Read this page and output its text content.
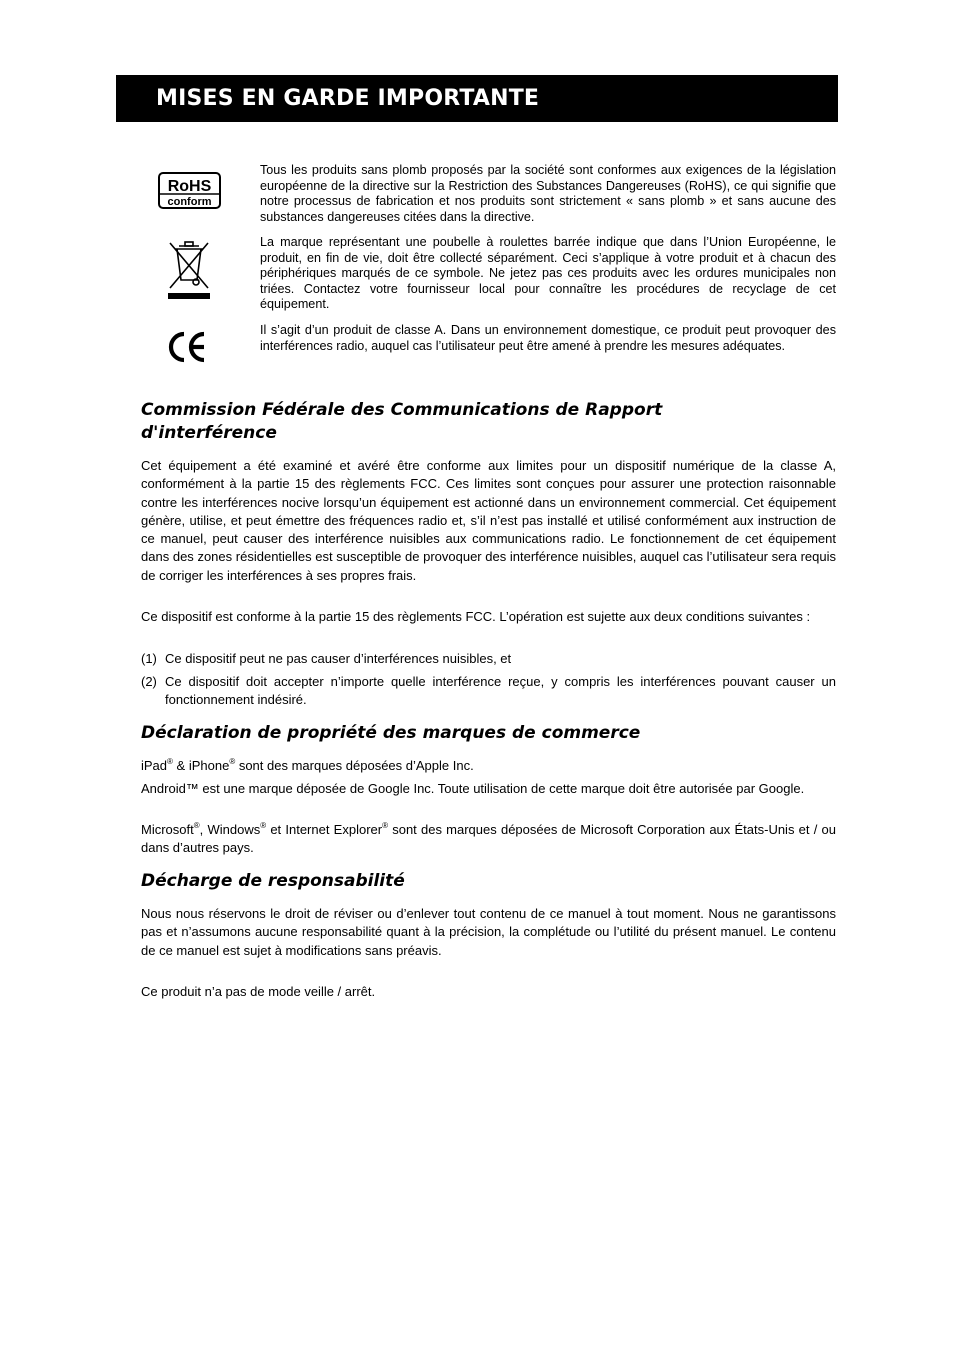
MISES EN GARDE IMPORTANTE
RoHS
conform
Tous les produits sans plomb proposés par la société sont conformes aux exigences de la législation européenne de la directive sur la Restriction des Substances Dangereuses (RoHS), ce qui signifie que notre processus de fabrication et nos produits sont strictement « sans plomb » et sans aucune des substances dangereuses citées dans la directive.
La marque représentant une poubelle à roulettes barrée indique que dans l’Union Européenne, le produit, en fin de vie, doit être collecté séparément. Ceci s’applique à votre produit et à chacun des périphériques marqués de ce symbole. Ne jetez pas ces produits avec les ordures municipales non triées. Contactez votre fournisseur local pour connaître les procédures de recyclage de cet équipement.
Il s’agit d’un produit de classe A. Dans un environnement domestique, ce produit peut provoquer des interférences radio, auquel cas l’utilisateur peut être amené à prendre les mesures adéquates.
Commission Fédérale des Communications de Rapport d'interférence
Cet équipement a été examiné et avéré être conforme aux limites pour un dispositif numérique de la classe A, conformément à la partie 15 des règlements FCC. Ces limites sont conçues pour assurer une protection raisonnable contre les interférences nocive lorsqu’un équipement est actionné dans un environnement commercial. Cet équipement génère, utilise, et peut émettre des fréquences radio et, s’il n’est pas installé et utilisé conformément aux instruction de ce manuel, peut causer des interférence nuisibles aux communications radio. Le fonctionnement de cet équipement dans des zones résidentielles est susceptible de provoquer des interférence nuisibles, auquel cas l’utilisateur sera requis de corriger les interférences à ses propres frais.
Ce dispositif est conforme à la partie 15 des règlements FCC. L’opération est sujette aux deux conditions suivantes :
(1) Ce dispositif peut ne pas causer d’interférences nuisibles, et
(2) Ce dispositif doit accepter n’importe quelle interférence reçue, y compris les interférences pouvant causer un fonctionnement indésiré.
Déclaration de propriété des marques de commerce
iPad® & iPhone® sont des marques déposées d’Apple Inc.
Android™ est une marque déposée de Google Inc. Toute utilisation de cette marque doit être autorisée par Google.
Microsoft®, Windows® et Internet Explorer® sont des marques déposées de Microsoft Corporation aux États-Unis et / ou dans d’autres pays.
Décharge de responsabilité
Nous nous réservons le droit de réviser ou d’enlever tout contenu de ce manuel à tout moment. Nous ne garantissons pas et n’assumons aucune responsabilité quant à la précision, la complétude ou l’utilité du présent manuel. Le contenu de ce manuel est sujet à modifications sans préavis.
Ce produit n’a pas de mode veille / arrêt.
